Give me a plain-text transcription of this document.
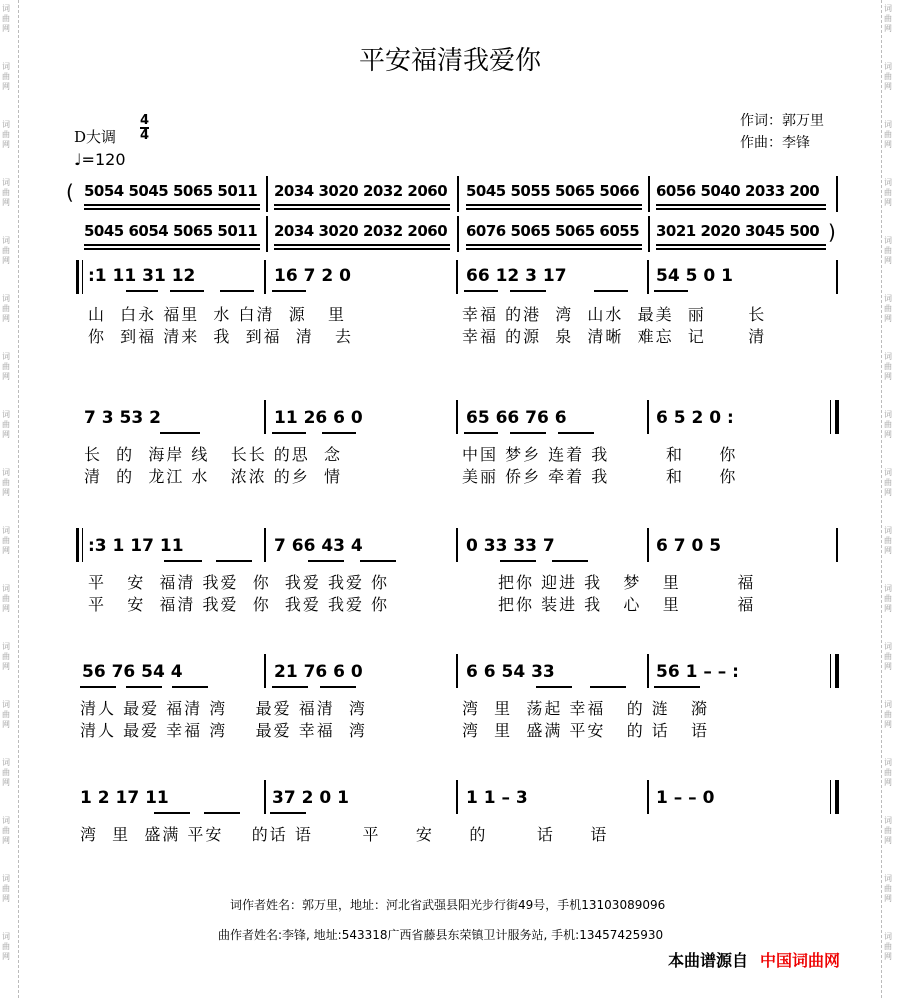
词
曲
网
词
曲
网
词
曲
网
词
曲
网
词
曲
网
词
曲
网
词
曲
网
词
曲
网
词
曲
网
词
曲
网
词
曲
网
词
曲
网
词
曲
网
词
曲
网
词
曲
网
词
曲
网
词
曲
网
词
曲
网
词
曲
网
词
曲
网
词
曲
网
词
曲
网
词
曲
网
词
曲
网
词
曲
网
词
曲
网
词
曲
网
词
曲
网
词
曲
网
词
曲
网
词
曲
网
词
曲
网
词
曲
网
词
曲
网
平安福清我爱你
D大调
4
4
♩=120
作词：郭万里
作曲：李锋
(
)
5054 5045 5065 5011 2034 3020 2032 2060 5045 5055 5065 5066 6056 5040 2033 200
5045 6054 5065 5011 2034 3020 2032 2060 6076 5065 5065 6055 3021 2020 3045 500
:1 11 31 12	16 7 2 0	66 12 3 17	54 5 0 1
山  白永 福里  水 白清  源   里	幸福 的港  湾  山水  最美  丽      长
你  到福 清来  我  到福  清   去	幸福 的源  泉  清晰  难忘  记      清
7 3 53 2	11 26 6 0	65 66 76 6	6 5 2 0 :
长  的  海岸 线   长长 的思  念	中国 梦乡 连着 我        和     你
清  的  龙江 水   浓浓 的乡  情	美丽 侨乡 牵着 我        和     你
:3 1 17 11	7 66 43 4	0 33 33 7	6 7 0 5
平   安  福清 我爱  你  我爱 我爱 你	把你 迎进 我   梦   里        福
平   安  福清 我爱  你  我爱 我爱 你	把你 装进 我   心   里        福
56 76 54 4	21 76 6 0	6 6 54 33	56 1 – – :
清人 最爱 福清 湾    最爱 福清  湾	湾  里  荡起 幸福   的 涟   漪
清人 最爱 幸福 湾    最爱 幸福  湾	湾  里  盛满 平安   的 话   语
1 2 17 11	37 2 0 1	1 1 – 3	1 – – 0
湾  里  盛满 平安    的话 语       平     安     的       话     语
词作者姓名：郭万里，地址：河北省武强县阳光步行街49号，手机13103089096
曲作者姓名:李锋, 地址:543318广西省藤县东荣镇卫计服务站, 手机:13457425930
本曲谱源自 中国词曲网
